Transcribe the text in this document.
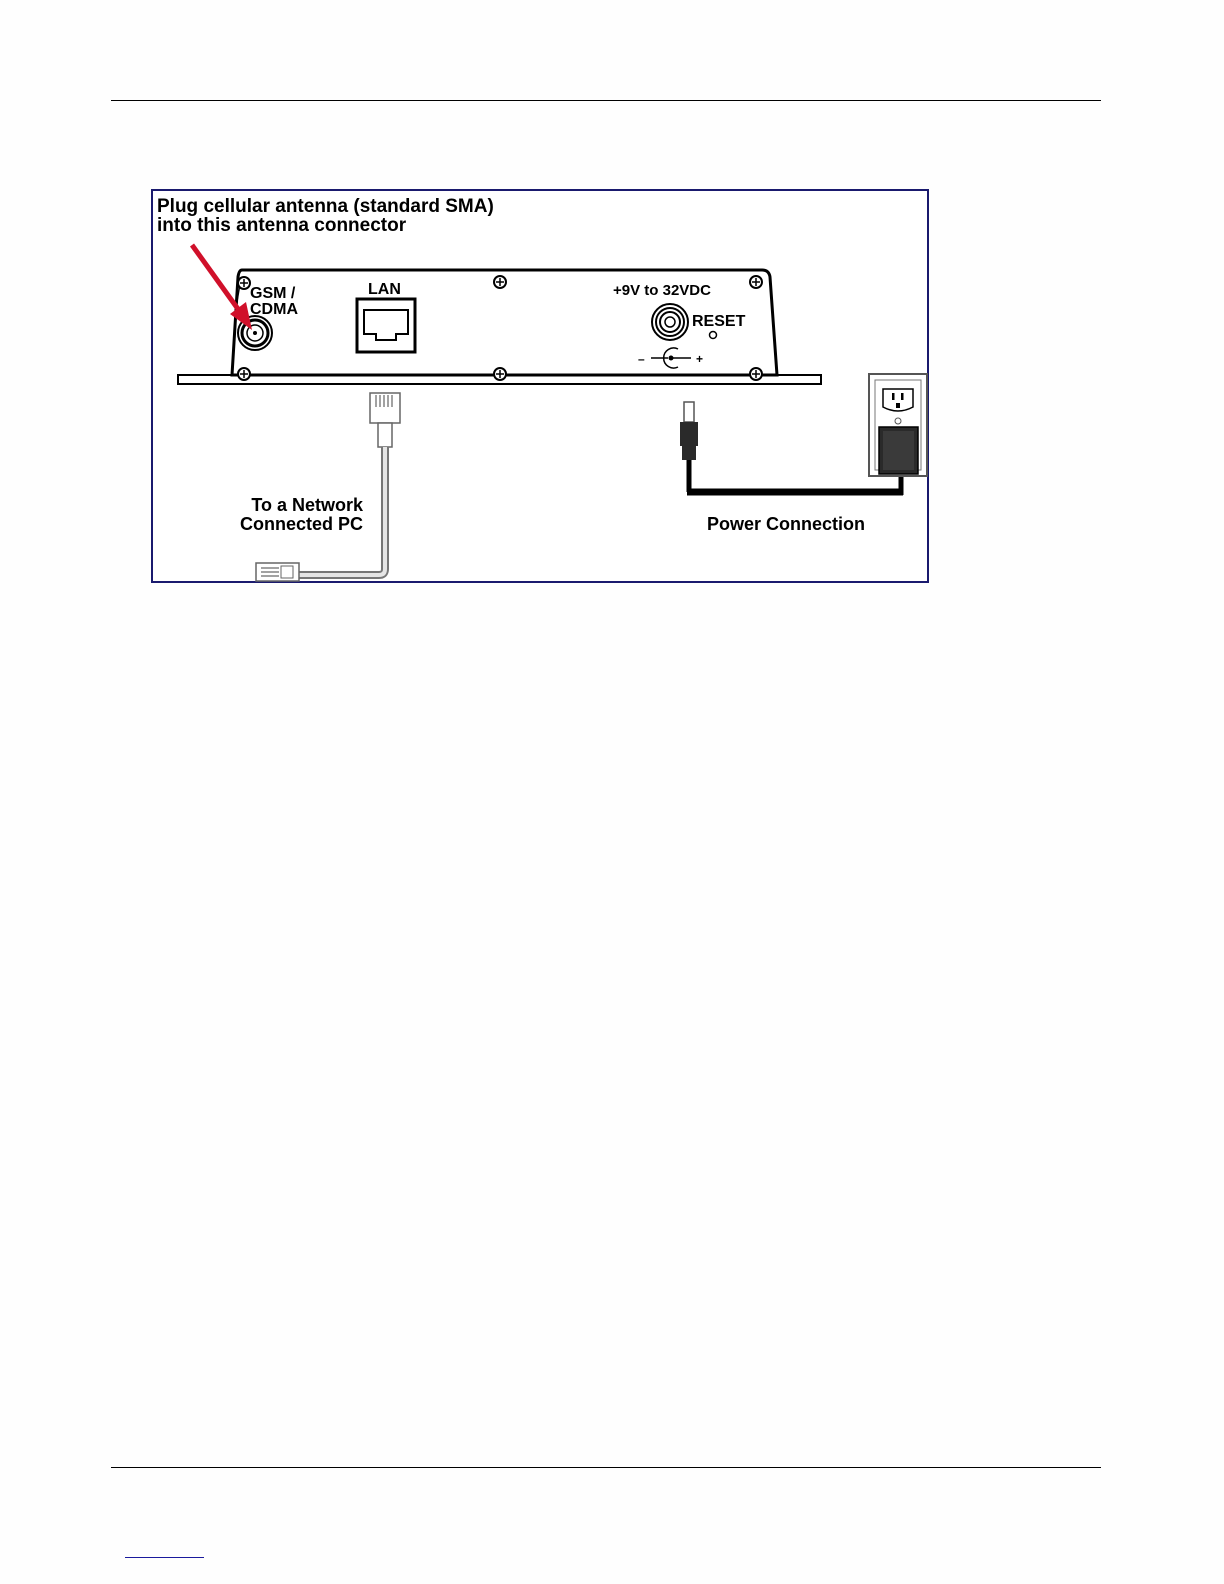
Plug cellular antenna (standard SMA)
into this antenna connector
GSM /
CDMA
LAN	+9V to 32VDC
RESET
–	+
To a Network
Connected PC	Power Connection
